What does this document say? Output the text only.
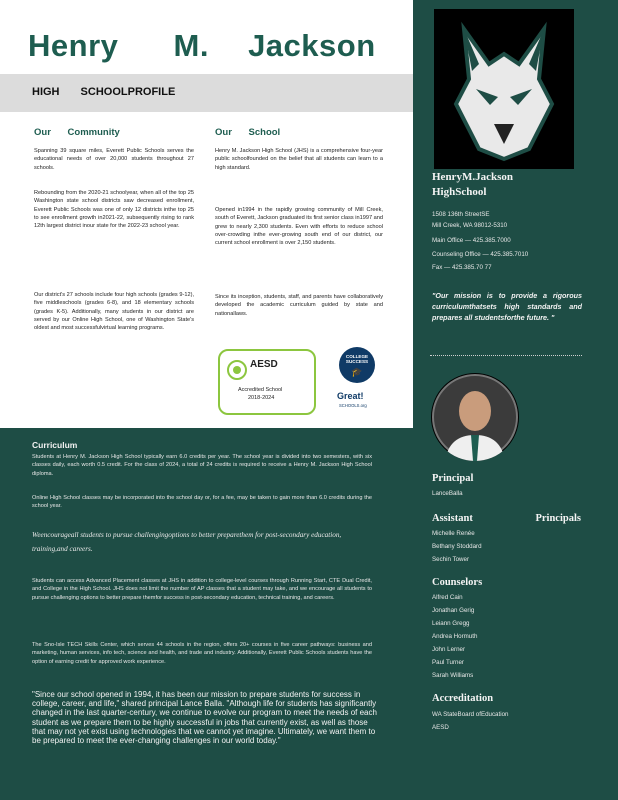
Henry M. Jackson
HIGH SCHOOLPROFILE
Our Community
Spanning 39 square miles, Everett Public Schools serves the educational needs of over 20,000 students throughout 27 schools.
Rebounding from the 2020-21 schoolyear, when all of the top 25 Washington state school districts saw decreased enrollment, Everett Public Schools was one of only 12 districts inthe top 25 to see enrollment growth in2021-22, subsequently rising to rank 12th largest district inour state for the 2022-23 school year.
Our district's 27 schools include four high schools (grades 9-12), five middleschools (grades 6-8), and 18 elementary schools (grades K-5). Additionally, many students in our district are served by our Online High School, one of Washington State's oldest and most successfulvirtual learning programs.
Our School
Henry M. Jackson High School (JHS) is a comprehensive four-year public schoolfounded on the belief that all students can learn to a high standard.
Opened in1994 in the rapidly growing community of Mill Creek, south of Everett, Jackson graduated its first senior class in1997 and grew to nearly 2,300 students. Even with efforts to reduce school over-crowding inthe ever-growing south end of our district, our current school enrollment is over 2,150 students.
Since its inception, students, staff, and parents have collaboratively developed the academic curriculum guided by state and nationallaws.
AESD
Accredited School
2018-2024
COLLEGE
SUCCESS
🎓
Great!
SCHOOLS.org
Curriculum
Students at Henry M. Jackson High School typically earn 6.0 credits per year. The school year is divided into two semesters, with six classes daily, each worth 0.5 credit. For the class of 2024, a total of 24 credits is required to receive a Henry M. Jackson High School diploma.
Online High School classes may be incorporated into the school day or, for a fee, may be taken to gain more than 6.0 credits during the school year.
Weencourageall students to pursue challengingoptions to better preparethem for post-secondary education, training,and careers.
Students can access Advanced Placement classes at JHS in addition to college-level courses through Running Start, CTE Dual Credit, and College in the High School. JHS does not limit the number of AP classes that a student may take, and we encourage all students to pursue challenging options to better prepare themfor success in post-secondary education, technical training, and careers.
The Sno-Isle TECH Skills Center, which serves 44 schools in the region, offers 20+ courses in five career pathways: business and marketing, human services, info tech, science and health, and trade and industry. Additionally, Everett Public Schools students have the option of earning credit for approved work experience.
"Since our school opened in 1994, it has been our mission to prepare students for success in college, career, and life," shared principal Lance Balla. "Although life for students has significantly changed in the last quarter-century, we continue to evolve our program to meet the needs of each student as we prepare them to be highly successful in jobs that currently exist, as well as those that may not yet exist using technologies that we cannot yet imagine. Ultimately, we want them to be prepared to meet the ever-changing challenges in our world today."
HenryM.Jackson
HighSchool
1508 136th StreetSE
Mill Creek, WA 98012-5310
Main Office — 425.385.7000
Counseling Office — 425.385.7010
Fax — 425.385.70 77
"Our mission is to provide a rigorous curriculumthatsets high standards and prepares all studentsforthe future. "
Principal
LanceBalla
Assistant Principals
Michelle Renée
Bethany Stoddard
Sechin Tower
Counselors
Alfred Cain
Jonathan Gerig
Leiann Gregg
Andrea Hormuth
John Lerner
Paul Turner
Sarah Williams
Accreditation
WA StateBoard ofEducation
AESD
